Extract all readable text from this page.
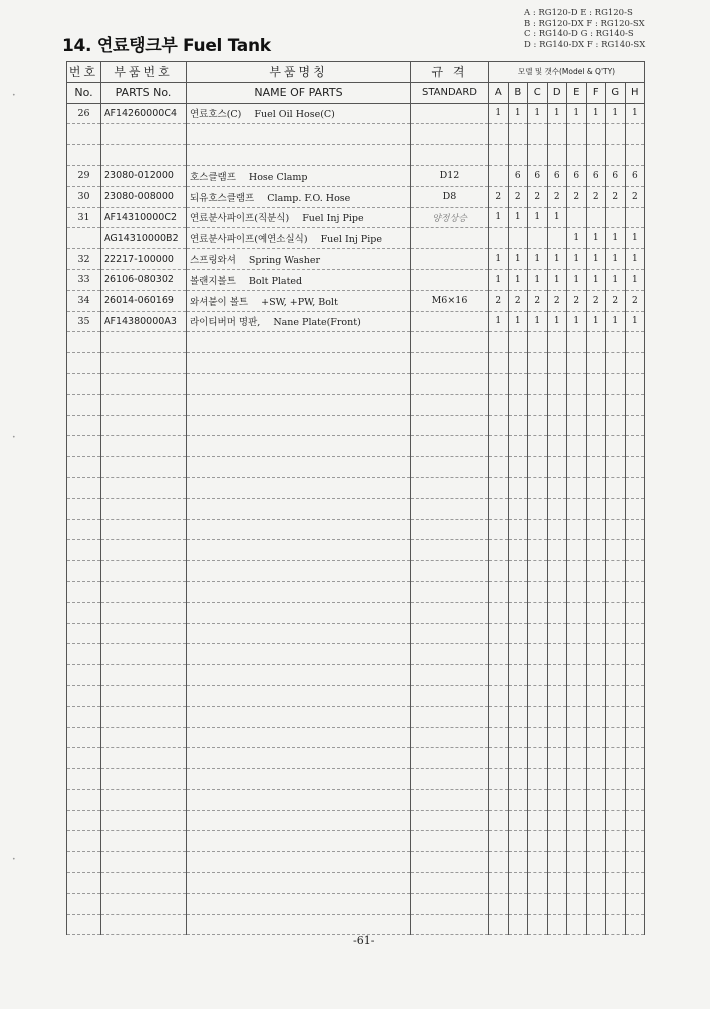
A : RG120-D E : RG120-S
B : RG120-DX F : RG120-SX
C : RG140-D G : RG140-S
D : RG140-DX F : RG140-SX
14. 연료탱크부 Fuel Tank
번호	부품번호	부품명칭	규 격	모델 및 갯수(Model & Q'TY)							
No.	PARTS No.	NAME OF PARTS	STANDARD	A	B	C	D	E	F	G	H
26	AF14260000C4	연료호스(C) Fuel Oil Hose(C)		1	1	1	1	1	1	1	1

29	23080-012000	호스클램프 Hose Clamp	D12		6	6	6	6	6	6	6
30	23080-008000	되유호스클램프 Clamp. F.O. Hose	D8	2	2	2	2	2	2	2	2
31	AF14310000C2	연료분사파이프(직분식) Fuel Inj Pipe	양정상승	1	1	1	1				
	AG14310000B2	연료분사파이프(예연소실식) Fuel Inj Pipe						1	1	1	1
32	22217-100000	스프링와셔 Spring Washer		1	1	1	1	1	1	1	1
33	26106-080302	볼랜지볼트 Bolt Plated		1	1	1	1	1	1	1	1
34	26014-060169	와셔붙이 볼트 +SW, +PW, Bolt	M6×16	2	2	2	2	2	2	2	2
35	AF14380000A3	라이티버머 명판, Nane Plate(Front)		1	1	1	1	1	1	1	1

-61-
•
•
•
